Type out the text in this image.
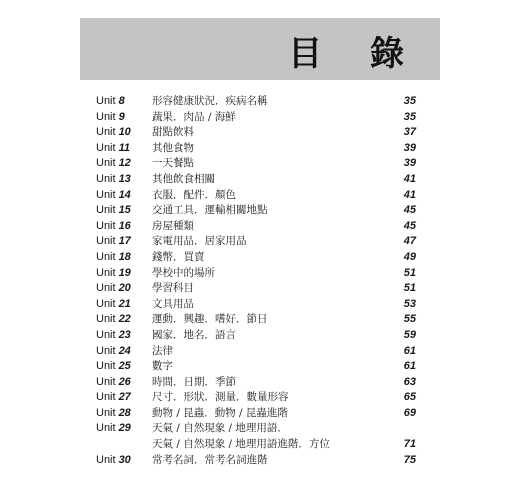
目 錄
Unit 8	形容健康狀況．疾病名稱	35
Unit 9	蔬果．肉品 / 海鮮	35
Unit 10 甜點飲料	37
Unit 11 其他食物	39
Unit 12 一天餐點	39
Unit 13 其他飲食相關	41
Unit 14 衣服．配件．顏色	41
Unit 15 交通工具．運輸相關地點	45
Unit 16 房屋種類	45
Unit 17 家電用品．居家用品	47
Unit 18 錢幣．買賣	49
Unit 19 學校中的場所	51
Unit 20 學習科目	51
Unit 21 文具用品	53
Unit 22 運動．興趣．嗜好．節日	55
Unit 23 國家．地名．語言	59
Unit 24 法律	61
Unit 25 數字	61
Unit 26 時間．日期．季節	63
Unit 27 尺寸．形狀．測量．數量形容	65
Unit 28 動物 / 昆蟲．動物 / 昆蟲進階	69
Unit 29 天氣 / 自然現象 / 地理用語．
天氣 / 自然現象 / 地理用語進階．方位	71
Unit 30 常考名詞．常考名詞進階	75
